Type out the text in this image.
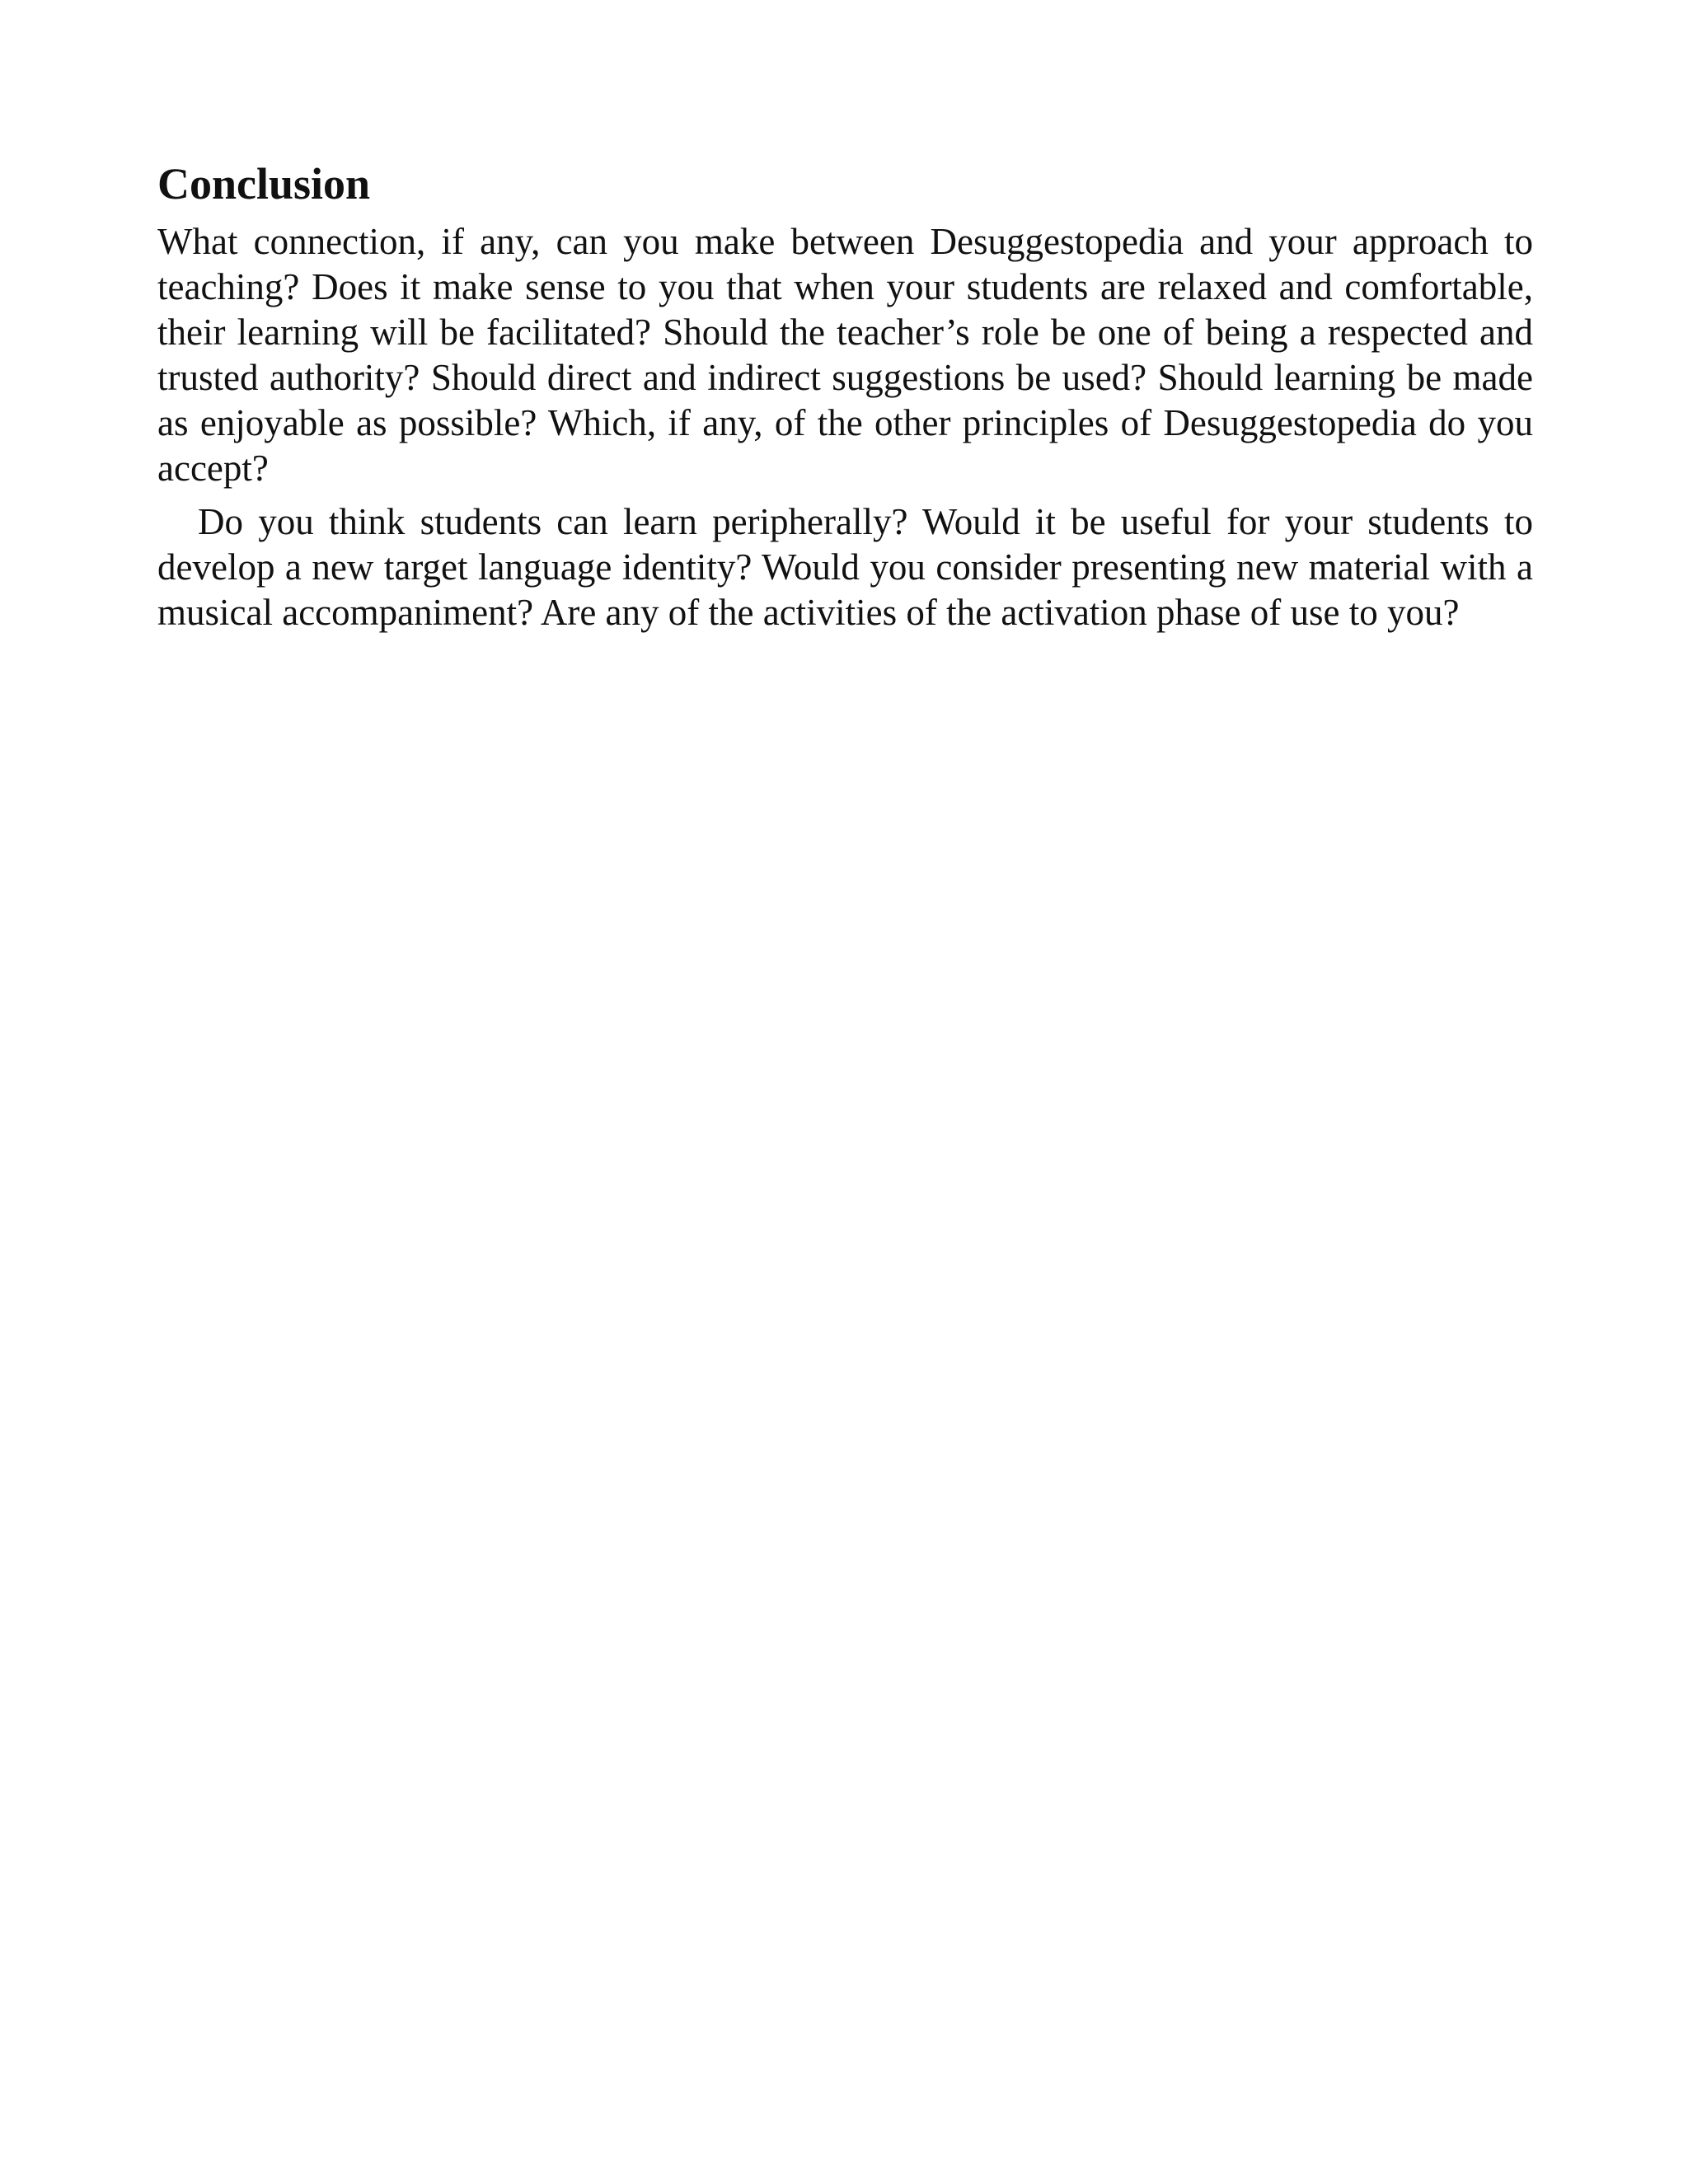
Conclusion

What connection, if any, can you make between Desuggestopedia and your approach to teaching? Does it make sense to you that when your students are relaxed and comfortable, their learning will be facilitated? Should the teacher’s role be one of being a respected and trusted authority? Should direct and indirect suggestions be used? Should learning be made as enjoyable as possible? Which, if any, of the other principles of Desuggestopedia do you accept?

Do you think students can learn peripherally? Would it be useful for your students to develop a new target language identity? Would you consider presenting new material with a musical accompaniment? Are any of the activities of the activation phase of use to you?
